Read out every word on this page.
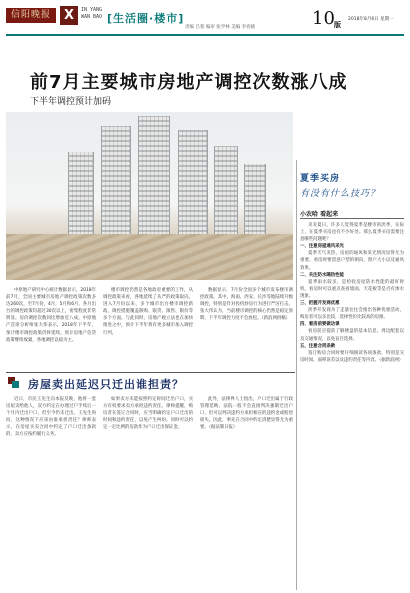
信阳晚报 X	IN YANG
WAN BAO [生活圈·楼市]
责编 吕蓉 编审 张学林 美编 李春晓	10 版
2018年8月6日 星期一
前7月主要城市房地产调控次数涨八成
下半年调控预计加码

中原地产研究中心统计数据显示，2018年前7月，全国主要城市房地产调控政策次数多达260次，至7月份，4月，5月和6月，各月出台的调控政策均超过30次以上，密集程度非常明显。房价调控次数同比增加近八成。中原地产首席分析师张大伟表示，2018年下半年，预计楼市调控政策仍将延续。预计房地产信贷政策继续收紧，各地调控以稳为主。

楼市调控仍然是各地政府重要的工作，从调控政策来看，各地延续了从严的政策取向。进入7月份以来，多个城市出台楼市调控新政，调控措施覆盖限购、限贷、限售、限价等多个方面。与此同时，房地产税立法也在加快推进之中，预计下半年将有更多城市加入调控行列。

数据显示，7月份全国多个城市发布楼市调控政策。其中，海南、西安、长沙等地陆续升级调控，特别是针对投机炒房行为进行严厉打击。张大伟认为，当前楼市调控的核心仍然是稳定预期，下半年调控力度不会放松。（新浪网供稿）

夏季买房
有没有什么技巧？
小农哈 看起来

炎炎夏日，许多人觉得夏季是楼市的淡季，实际上，在夏季买房也有不少好处。那么夏季买房需要注意哪些问题呢？

一、注意房屋通风采光

夏季天气炎热，房屋的通风和采光情况显得尤为重要。看房时要留意户型的朝向、窗户大小以及通风效果。

二、关注防水隔热性能

夏季雨水较多，是检验房屋防水性能的最好时机，看房时可以重点查看墙面、天花板等是否有渗水现象。

三、把握开发商优惠

淡季开发商为了走量往往会推出各种优惠活动，购房者可以多比较，选择性价比较高的房源。

四、看房前要做功课

看房前应提前了解楼盘的基本信息、周边配套以及交通情况，以免盲目选择。

五、注意合同条款

签订购房合同时要仔细阅读各项条款，特别是交房时间、面积误差以及违约责任等内容。（据新浪网）

房屋卖出延迟只迁出谁担责？

近日，市民王先生向本报反映，他将一套房屋卖给他人，双方约定在办理过户手续后一个月内迁出户口，但至今仍未迁出。王先生询问，这种情况下应该由谁承担责任？律师表示，在房屋买卖合同中约定了户口迁出条款的，卖方应按约履行义务。

如果卖方未能按照约定时间迁出户口，买方有权要求卖方承担违约责任。律师提醒，购房者在签订合同时，应当明确约定户口迁出的时间和违约责任，以免产生纠纷。同时可以约定一定比例的房款作为户口迁出保证金。

此外，法律界人士指出，户口迁出属于行政管理范畴，法院一般不会直接判决强制迁出户口，但可以判决违约方承担相应的违约金或赔偿损失。因此，事先在合同中约定清楚显得尤为重要。（据法制日报）
